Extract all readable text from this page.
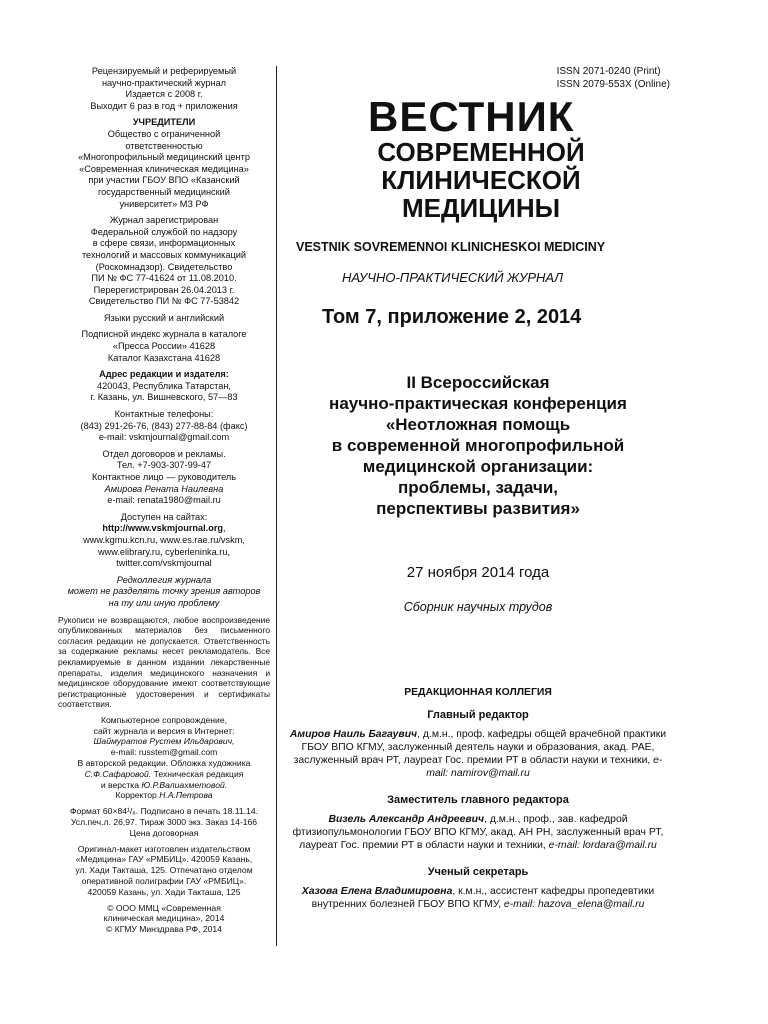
Рецензируемый и реферируемый
научно-практический журнал
Издается с 2008 г.
Выходит 6 раз в год + приложения
УЧРЕДИТЕЛИ
Общество с ограниченной
ответственностью
«Многопрофильный медицинский центр
«Современная клиническая медицина»
при участии ГБОУ ВПО «Казанский
государственный медицинский
университет» МЗ РФ
Журнал зарегистрирован
Федеральной службой по надзору
в сфере связи, информационных
технологий и массовых коммуникаций
(Роскомнадзор). Свидетельство
ПИ № ФС 77-41624 от 11.08.2010.
Перерегистрирован 26.04.2013 г.
Свидетельство ПИ № ФС 77-53842
Языки русский и английский
Подписной индекс журнала в каталоге
«Пресса России» 41628
Каталог Казахстана 41628
Адрес редакции и издателя:
420043, Республика Татарстан,
г. Казань, ул. Вишневского, 57—83
Контактные телефоны:
(843) 291-26-76, (843) 277-88-84 (факс)
e-mail: vskmjournal@gmail.com
Отдел договоров и рекламы.
Тел. +7-903-307-99-47
Контактное лицо — руководитель
Амирова Рената Наилевна
e-mail: renata1980@mail.ru
Доступен на сайтах:
http://www.vskmjournal.org,
www.kgmu.kcn.ru, www.es.rae.ru/vskm,
www.elibrary.ru, cyberleninka.ru,
twitter.com/vskmjournal
Редколлегия журнала
может не разделять точку зрения авторов
на ту или иную проблему
Рукописи не возвращаются, любое воспроизведение опубликованных материалов без письменного согласия редакции не допускается. Ответственность за содержание рекламы несет рекламодатель. Все рекламируемые в данном издании лекарственные препараты, изделия медицинского назначения и медицинское оборудование имеют соответствующие регистрационные удостоверения и сертификаты соответствия.
Компьютерное сопровождение,
сайт журнала и версия в Интернет:
Шаймуратов Рустем Ильдарович,
e-mail: russtem@gmail.com
В авторской редакции. Обложка художника
С.Ф.Сафаровой. Техническая редакция
и верстка Ю.Р.Валиахметовой.
Корректор Н.А.Петрова
Формат 60×84¹/₈. Подписано в печать 18.11.14.
Усл.печ.л. 26,97. Тираж 3000 экз. Заказ 14-166
Цена договорная
Оригинал-макет изготовлен издательством
«Медицина» ГАУ «РМБИЦ». 420059 Казань,
ул. Хади Такташа, 125. Отпечатано отделом
оперативной полиграфии ГАУ «РМБИЦ».
420059 Казань, ул. Хади Такташа, 125
© ООО ММЦ «Современная
клиническая медицина», 2014
© КГМУ Минздрава РФ, 2014
ISSN 2071-0240 (Print)
ISSN 2079-553X (Online)
ВЕСТНИК
СОВРЕМЕННОЙ
КЛИНИЧЕСКОЙ
МЕДИЦИНЫ
VESTNIK SOVREMENNOI KLINICHESKOI MEDICINY
НАУЧНО-ПРАКТИЧЕСКИЙ ЖУРНАЛ
Том 7, приложение 2, 2014
II Всероссийская
научно-практическая конференция
«Неотложная помощь
в современной многопрофильной
медицинской организации:
проблемы, задачи,
перспективы развития»
27 ноября 2014 года
Сборник научных трудов
РЕДАКЦИОННАЯ КОЛЛЕГИЯ
Главный редактор
Амиров Наиль Багаувич, д.м.н., проф. кафедры общей врачебной практики ГБОУ ВПО КГМУ, заслуженный деятель науки и образования, акад. РАЕ, заслуженный врач РТ, лауреат Гос. премии РТ в области науки и техники, e-mail: namirov@mail.ru
Заместитель главного редактора
Визель Александр Андреевич, д.м.н., проф., зав. кафедрой фтизиопульмонологии ГБОУ ВПО КГМУ, акад. АН РН, заслуженный врач РТ, лауреат Гос. премии РТ в области науки и техники, e-mail: lordara@mail.ru
Ученый секретарь
Хазова Елена Владимировна, к.м.н., ассистент кафедры пропедевтики внутренних болезней ГБОУ ВПО КГМУ, e-mail: hazova_elena@mail.ru
